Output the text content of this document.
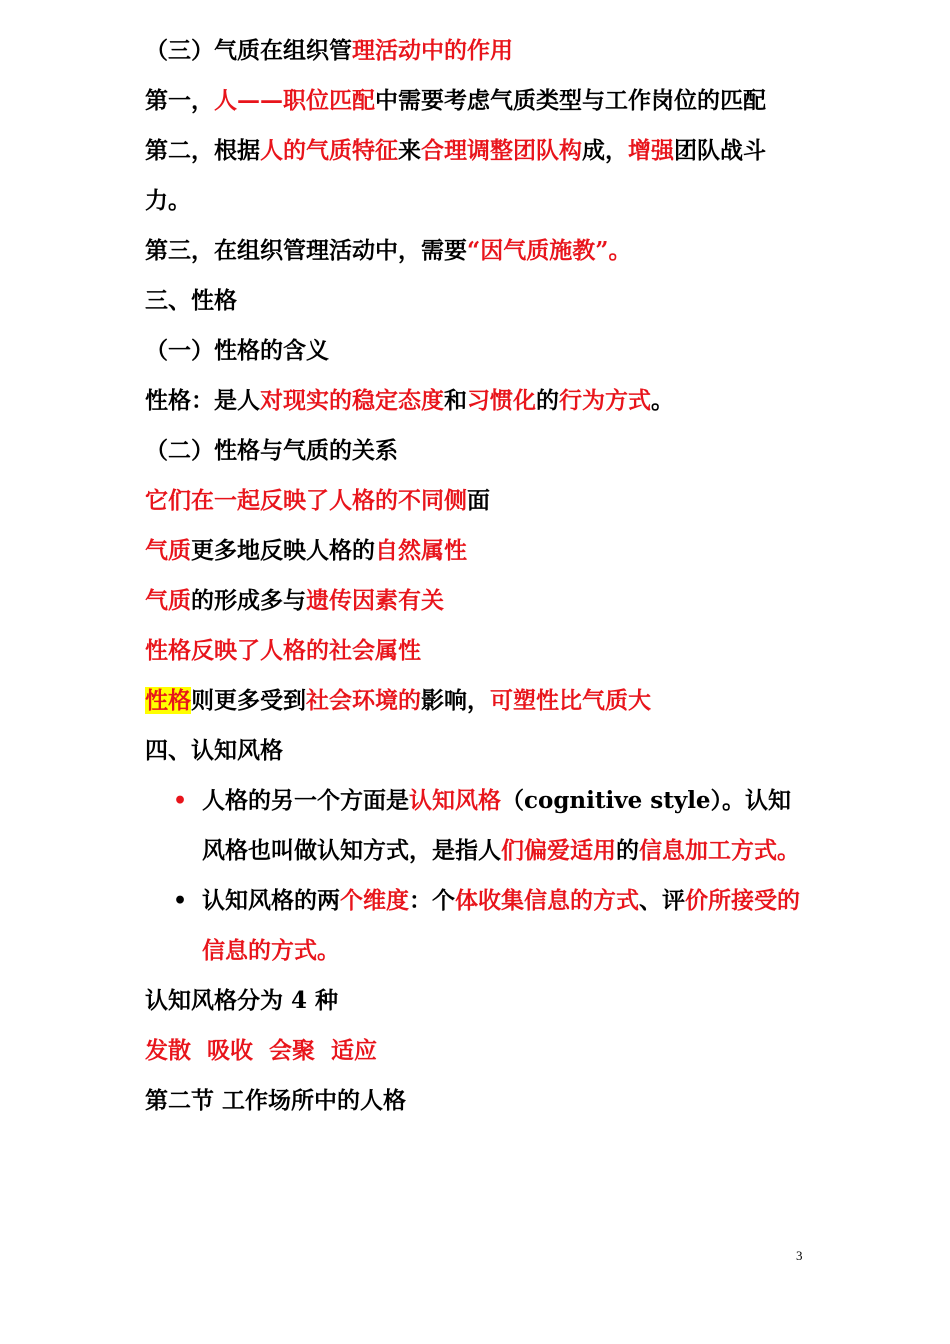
（三）气质在组织管理活动中的作用

第一，人——职位匹配中需要考虑气质类型与工作岗位的匹配

第二，根据人的气质特征来合理调整团队构成，增强团队战斗力。

第三，在组织管理活动中，需要“因气质施教”。

三、性格

（一）性格的含义

性格：是人对现实的稳定态度和习惯化的行为方式。

（二）性格与气质的关系

它们在一起反映了人格的不同侧面

气质更多地反映人格的自然属性

气质的形成多与遗传因素有关

性格反映了人格的社会属性

性格则更多受到社会环境的影响，可塑性比气质大

四、认知风格

• 人格的另一个方面是认知风格（cognitive style）。认知风格也叫做认知方式，是指人们偏爱适用的信息加工方式。

• 认知风格的两个维度：个体收集信息的方式、评价所接受的信息的方式。

认知风格分为 4 种

发散  吸收  会聚  适应

第二节 工作场所中的人格

3
